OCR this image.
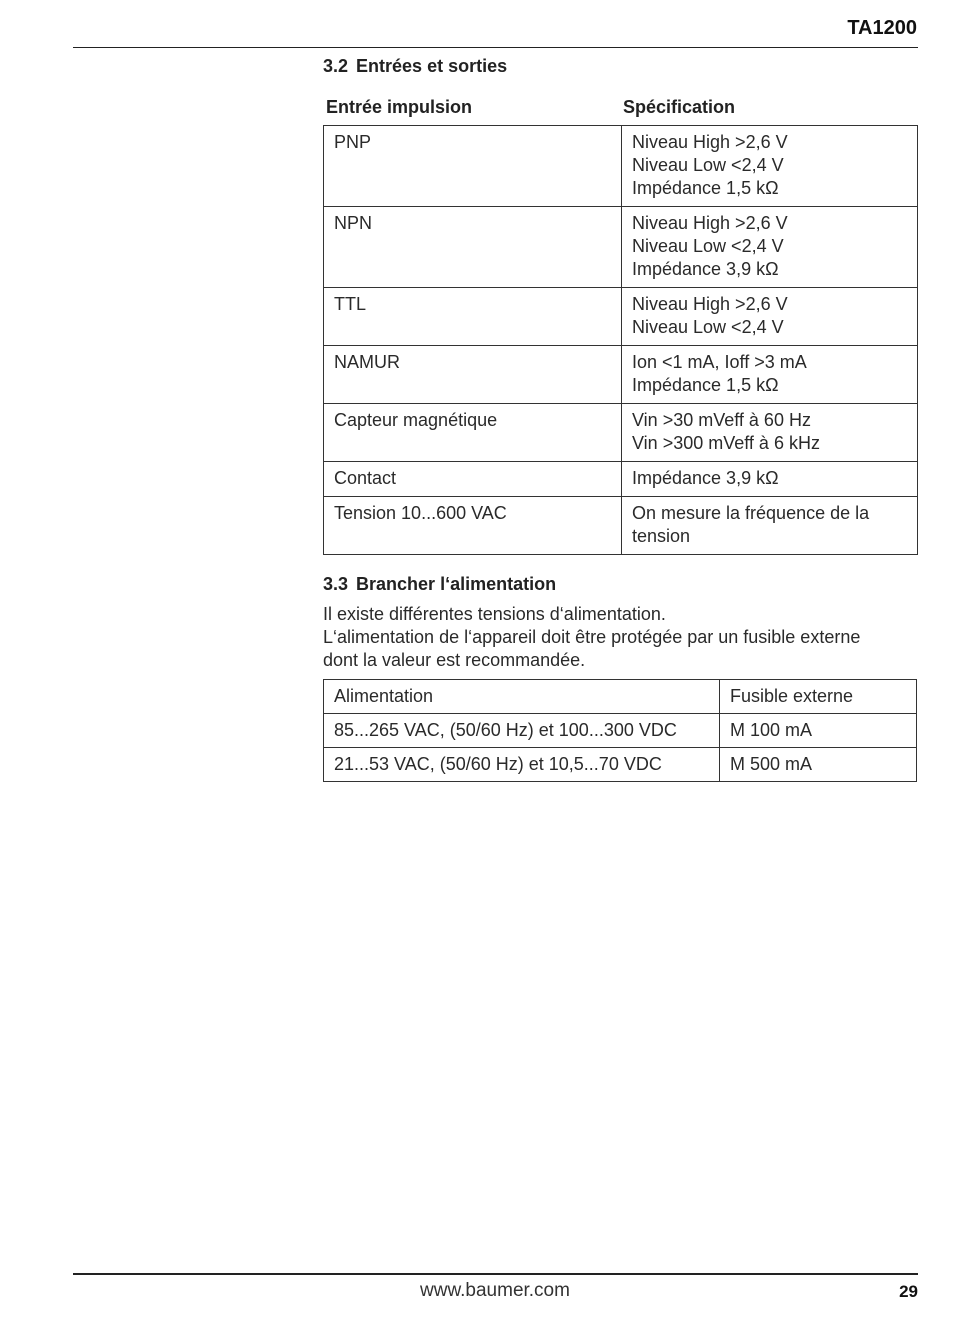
TA1200
3.2 Entrées et sorties
Entrée impulsion	Spécification
PNP	Niveau High >2,6 V
Niveau Low <2,4 V
Impédance 1,5 kΩ

NPN	Niveau High >2,6 V
Niveau Low <2,4 V
Impédance 3,9 kΩ

TTL	Niveau High >2,6 V
Niveau Low <2,4 V

NAMUR	Ion <1 mA, Ioff >3 mA
Impédance 1,5 kΩ

Capteur magnétique	Vin >30 mVeff à 60 Hz
Vin >300 mVeff à 6 kHz

Contact	Impédance 3,9 kΩ

Tension 10...600 VAC	On mesure la fréquence de la
tension
3.3 Brancher l‘alimentation
Il existe différentes tensions d‘alimentation.
L‘alimentation de l‘appareil doit être protégée par un fusible externe
dont la valeur est recommandée.
Alimentation	Fusible externe
85...265 VAC, (50/60 Hz) et 100...300 VDC	M 100 mA
21...53 VAC, (50/60 Hz) et 10,5...70 VDC	M 500 mA
www.baumer.com	29
